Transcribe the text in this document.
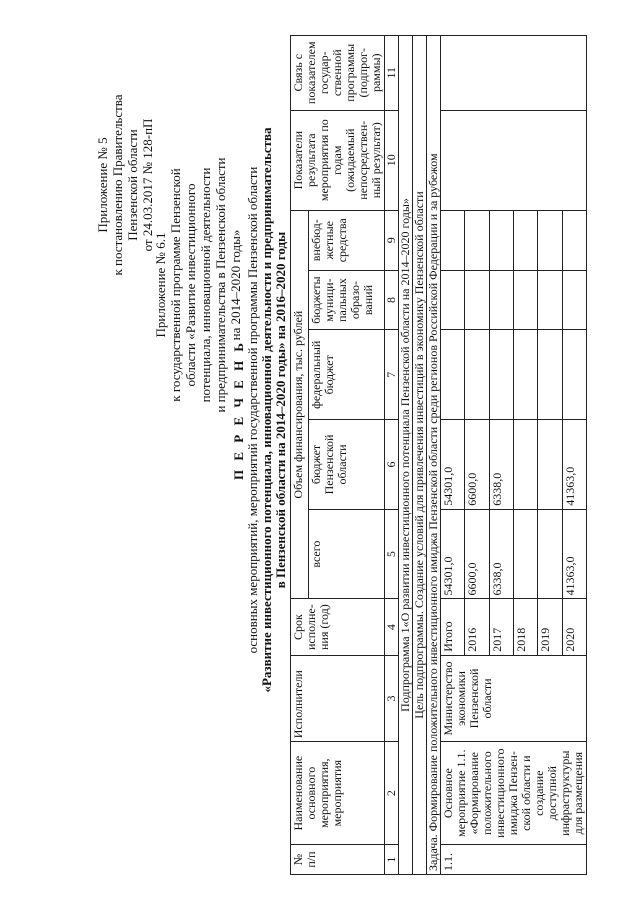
Приложение № 5 к постановлению Правительства Пензенской области от 24.03.2017 № 128-пП
Приложение № 6.1 к государственной программе Пензенской области «Развитие инвестиционного потенциала, инновационной деятельности и предпринимательства в Пензенской области на 2014–2020 годы»
П Е Р Е Ч Е Н Ь основных мероприятий, мероприятий государственной программы Пензенской области «Развитие инвестиционного потенциала, инновационной деятельности и предпринимательства в Пензенской области на 2014–2020 годы» на 2016–2020 годы
№ п/п	Наименование основного мероприятия, мероприятия	Исполнители	Срок исполне-ния (год)	Объем финансирования, тыс. рублей					Показатели результата мероприятия по годам (ожидаемый непосредствен-ный результат)	Связь с показателем государ-ственной программы (подпрог-раммы)
				всего	бюджет Пензенской области	федеральный бюджет	бюджеты муници-пальных образо-ваний	внебюд-жетные средства		
1	2	3	4	5	6	7	8	9	10	11
Подпрограмма 1«О развитии инвестиционного потенциала Пензенской области на 2014–2020 годы»										
Цель подпрограммы. Создание условий для привлечения инвестиций в экономику Пензенской области										
Задача. Формирование положительного инвестиционного имиджа Пензенской области среди регионов Российской Федерации и за рубежом										
1.1.	Основное мероприятие 1.1. «Формирование положительного инвестиционного имиджа Пензен-ской области и создание доступной инфраструктуры для размещения	Министерство экономики Пензенской области	Итого	54301,0	54301,0					
			2016	6600,0	6600,0					
			2017	6338,0	6338,0					
			2018							
			2019							
			2020	41363,0	41363,0					
